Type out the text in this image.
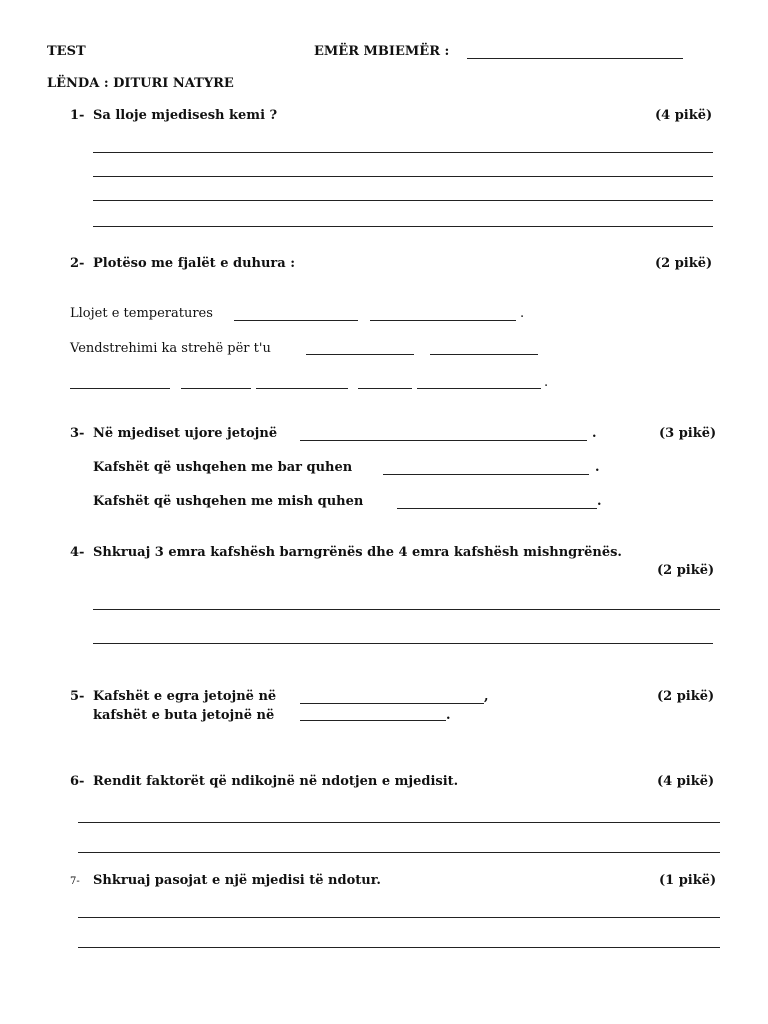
TEST	EMËR MBIEMËR :
LËNDA : DITURI NATYRE
1- Sa lloje mjedisesh kemi ?	(4 pikë)
2- Plotëso me fjalët e duhura :	(2 pikë)
Llojet e temperatures	.
Vendstrehimi ka strehë për t'u
.
3- Në mjediset ujore jetojnë	.	(3 pikë)
Kafshët që ushqehen me bar quhen	.
Kafshët që ushqehen me mish quhen	.
4- Shkruaj 3 emra kafshësh barngrënës dhe 4 emra kafshësh mishngrënës.
(2 pikë)
5- Kafshët e egra jetojnë në	,	(2 pikë)
kafshët e buta jetojnë në	.
6- Rendit faktorët që ndikojnë në ndotjen e mjedisit.	(4 pikë)
7- Shkruaj pasojat e një mjedisi të ndotur.	(1 pikë)
